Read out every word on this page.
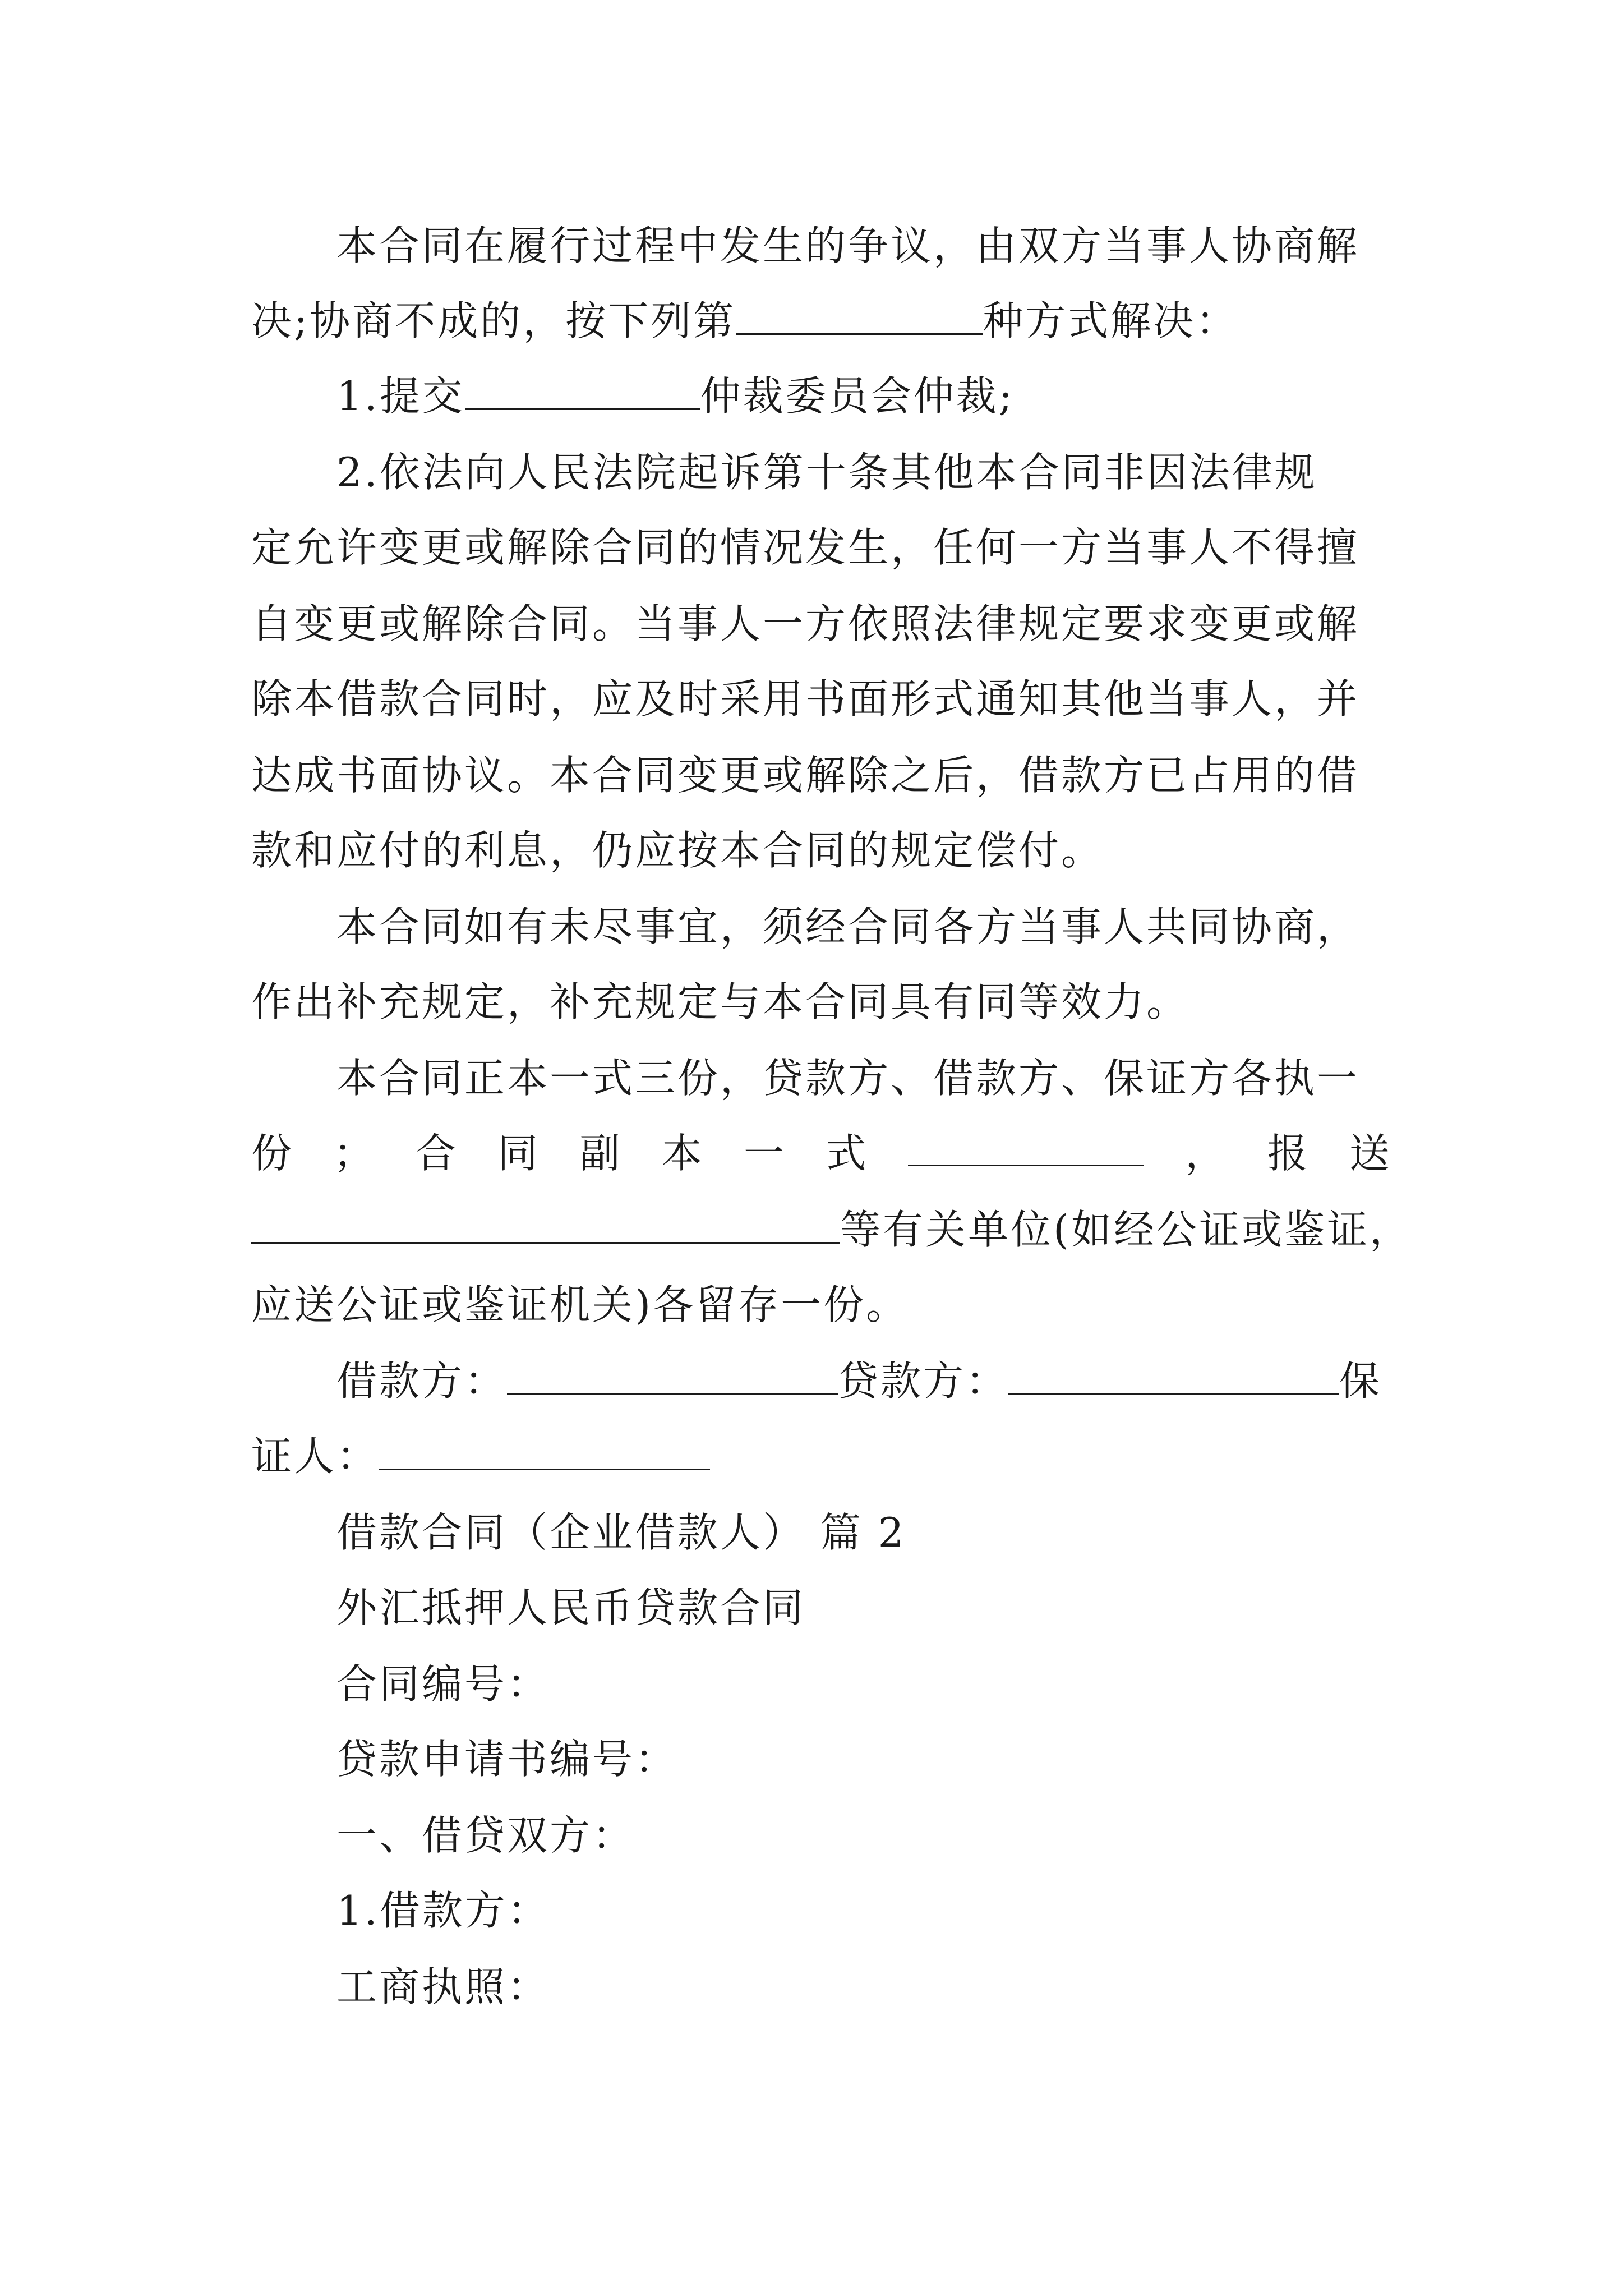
本合同在履行过程中发生的争议，由双方当事人协商解
决;协商不成的，按下列第	种方式解决：
1.提交	仲裁委员会仲裁;
2.依法向人民法院起诉第十条其他本合同非因法律规
定允许变更或解除合同的情况发生，任何一方当事人不得擅
自变更或解除合同。当事人一方依照法律规定要求变更或解
除本借款合同时，应及时采用书面形式通知其他当事人，并
达成书面协议。本合同变更或解除之后，借款方已占用的借
款和应付的利息，仍应按本合同的规定偿付。
本合同如有未尽事宜，须经合同各方当事人共同协商，
作出补充规定，补充规定与本合同具有同等效力。
本合同正本一式三份，贷款方、借款方、保证方各执一
份 ； 合 同 副 本 一 式	， 报 送
等有关单位(如经公证或鉴证，
应送公证或鉴证机关)各留存一份。
借款方：	贷款方：	保
证人：
借款合同（企业借款人） 篇 2
外汇抵押人民币贷款合同
合同编号：
贷款申请书编号：
一、借贷双方：
1.借款方：
工商执照：
